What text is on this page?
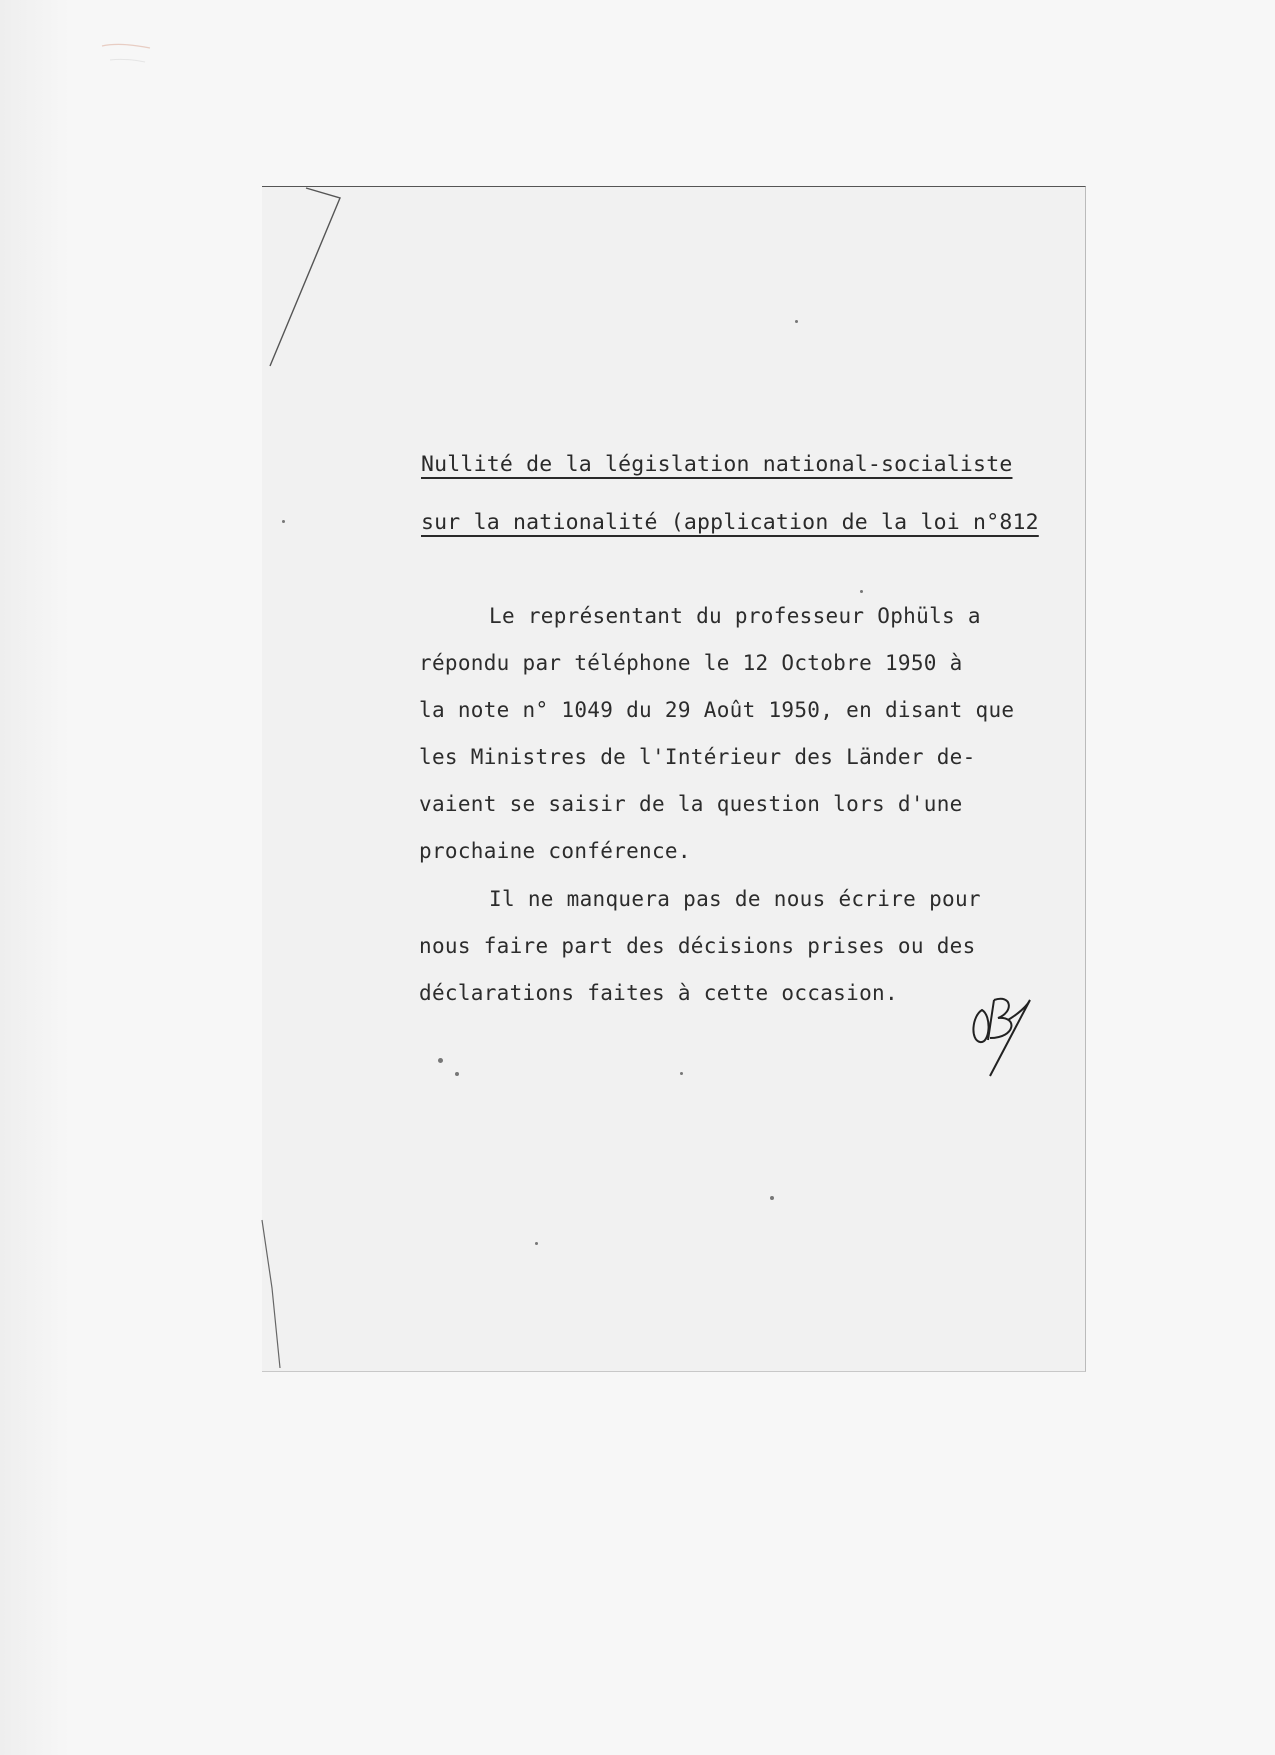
Nullité de la législation national-socialiste
sur la nationalité (application de la loi n°812
Le représentant du professeur Ophüls a
répondu par téléphone le 12 Octobre 1950 à
la note n° 1049 du 29 Août 1950, en disant que
les Ministres de l'Intérieur des Länder de-
vaient se saisir de la question lors d'une
prochaine conférence.
Il ne manquera pas de nous écrire pour
nous faire part des décisions prises ou des
déclarations faites à cette occasion.
